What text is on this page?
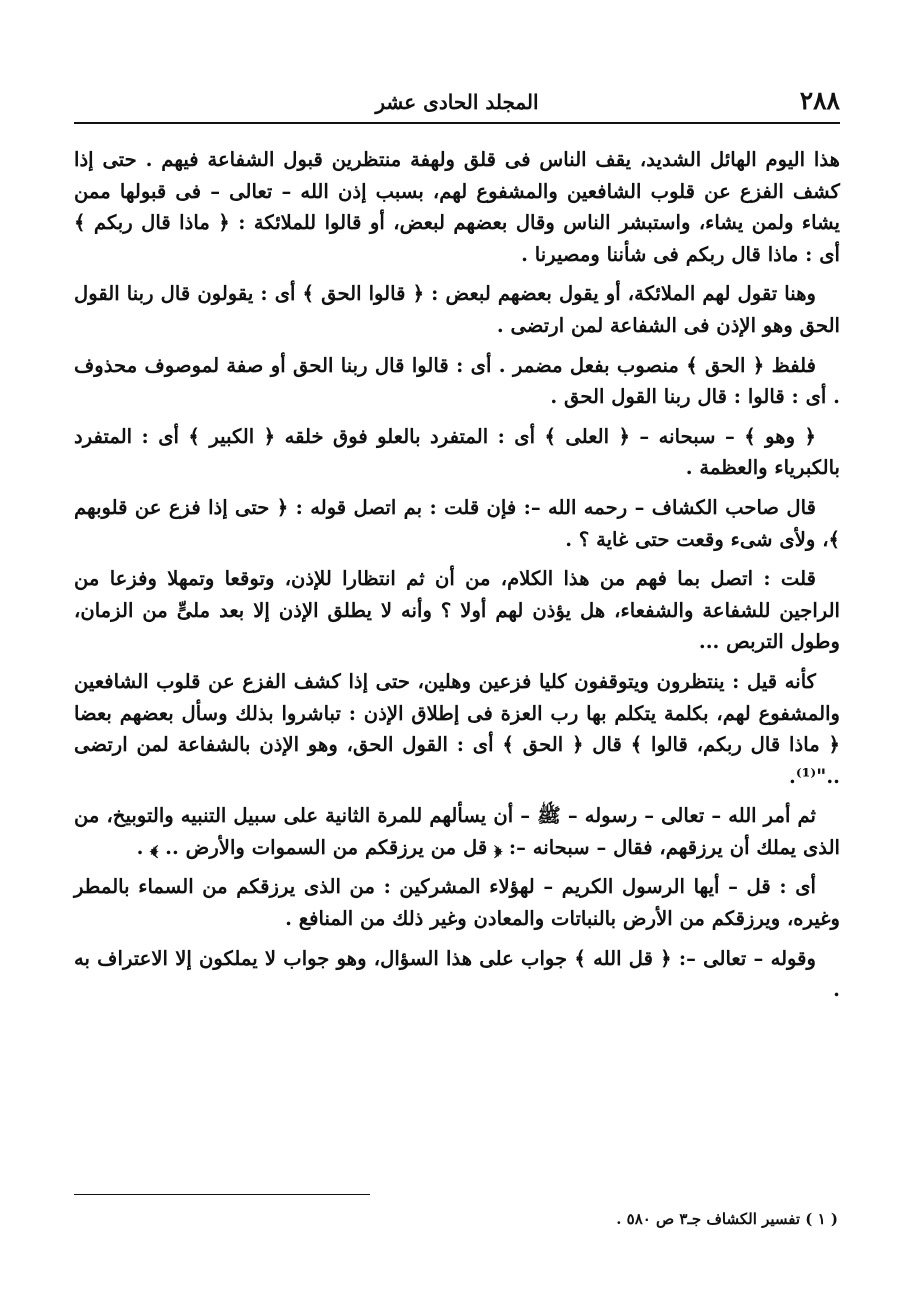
٢٨٨
المجلد الحادى عشر

هذا اليوم الهائل الشديد، يقف الناس فى قلق ولهفة منتظرين قبول الشفاعة فيهم . حتى إذا كشف الفزع عن قلوب الشافعين والمشفوع لهم، بسبب إذن الله – تعالى – فى قبولها ممن يشاء ولمن يشاء، واستبشر الناس وقال بعضهم لبعض، أو قالوا للملائكة : ﴿ ماذا قال ربكم ﴾ أى : ماذا قال ربكم فى شأننا ومصيرنا .

وهنا تقول لهم الملائكة، أو يقول بعضهم لبعض : ﴿ قالوا الحق ﴾ أى : يقولون قال ربنا القول الحق وهو الإذن فى الشفاعة لمن ارتضى .

فلفظ ﴿ الحق ﴾ منصوب بفعل مضمر . أى : قالوا قال ربنا الحق أو صفة لموصوف محذوف . أى : قالوا : قال ربنا القول الحق .

﴿ وهو ﴾ – سبحانه – ﴿ العلى ﴾ أى : المتفرد بالعلو فوق خلقه ﴿ الكبير ﴾ أى : المتفرد بالكبرياء والعظمة .

قال صاحب الكشاف – رحمه الله –: فإن قلت : بم اتصل قوله : ﴿ حتى إذا فزع عن قلوبهم ﴾، ولأى شىء وقعت حتى غاية ؟ .

قلت : اتصل بما فهم من هذا الكلام، من أن ثم انتظارا للإذن، وتوقعا وتمهلا وفزعا من الراجين للشفاعة والشفعاء، هل يؤذن لهم أولا ؟ وأنه لا يطلق الإذن إلا بعد ملىٍّ من الزمان، وطول التربص ...

كأنه قيل : ينتظرون ويتوقفون كليا فزعين وهلين، حتى إذا كشف الفزع عن قلوب الشافعين والمشفوع لهم، بكلمة يتكلم بها رب العزة فى إطلاق الإذن : تباشروا بذلك وسأل بعضهم بعضا ﴿ ماذا قال ربكم، قالوا ﴾ قال ﴿ الحق ﴾ أى : القول الحق، وهو الإذن بالشفاعة لمن ارتضى .."⁽¹⁾.

ثم أمر الله – تعالى – رسوله – ﷺ – أن يسألهم للمرة الثانية على سبيل التنبيه والتوبيخ، من الذى يملك أن يرزقهم، فقال – سبحانه –: ﴿ قل من يرزقكم من السموات والأرض .. ﴾ .

أى : قل – أيها الرسول الكريم – لهؤلاء المشركين : من الذى يرزقكم من السماء بالمطر وغيره، ويرزقكم من الأرض بالنباتات والمعادن وغير ذلك من المنافع .

وقوله – تعالى –: ﴿ قل الله ﴾ جواب على هذا السؤال، وهو جواب لا يملكون إلا الاعتراف به .

( ١ ) تفسير الكشاف جـ٣ ص ٥٨٠ .
